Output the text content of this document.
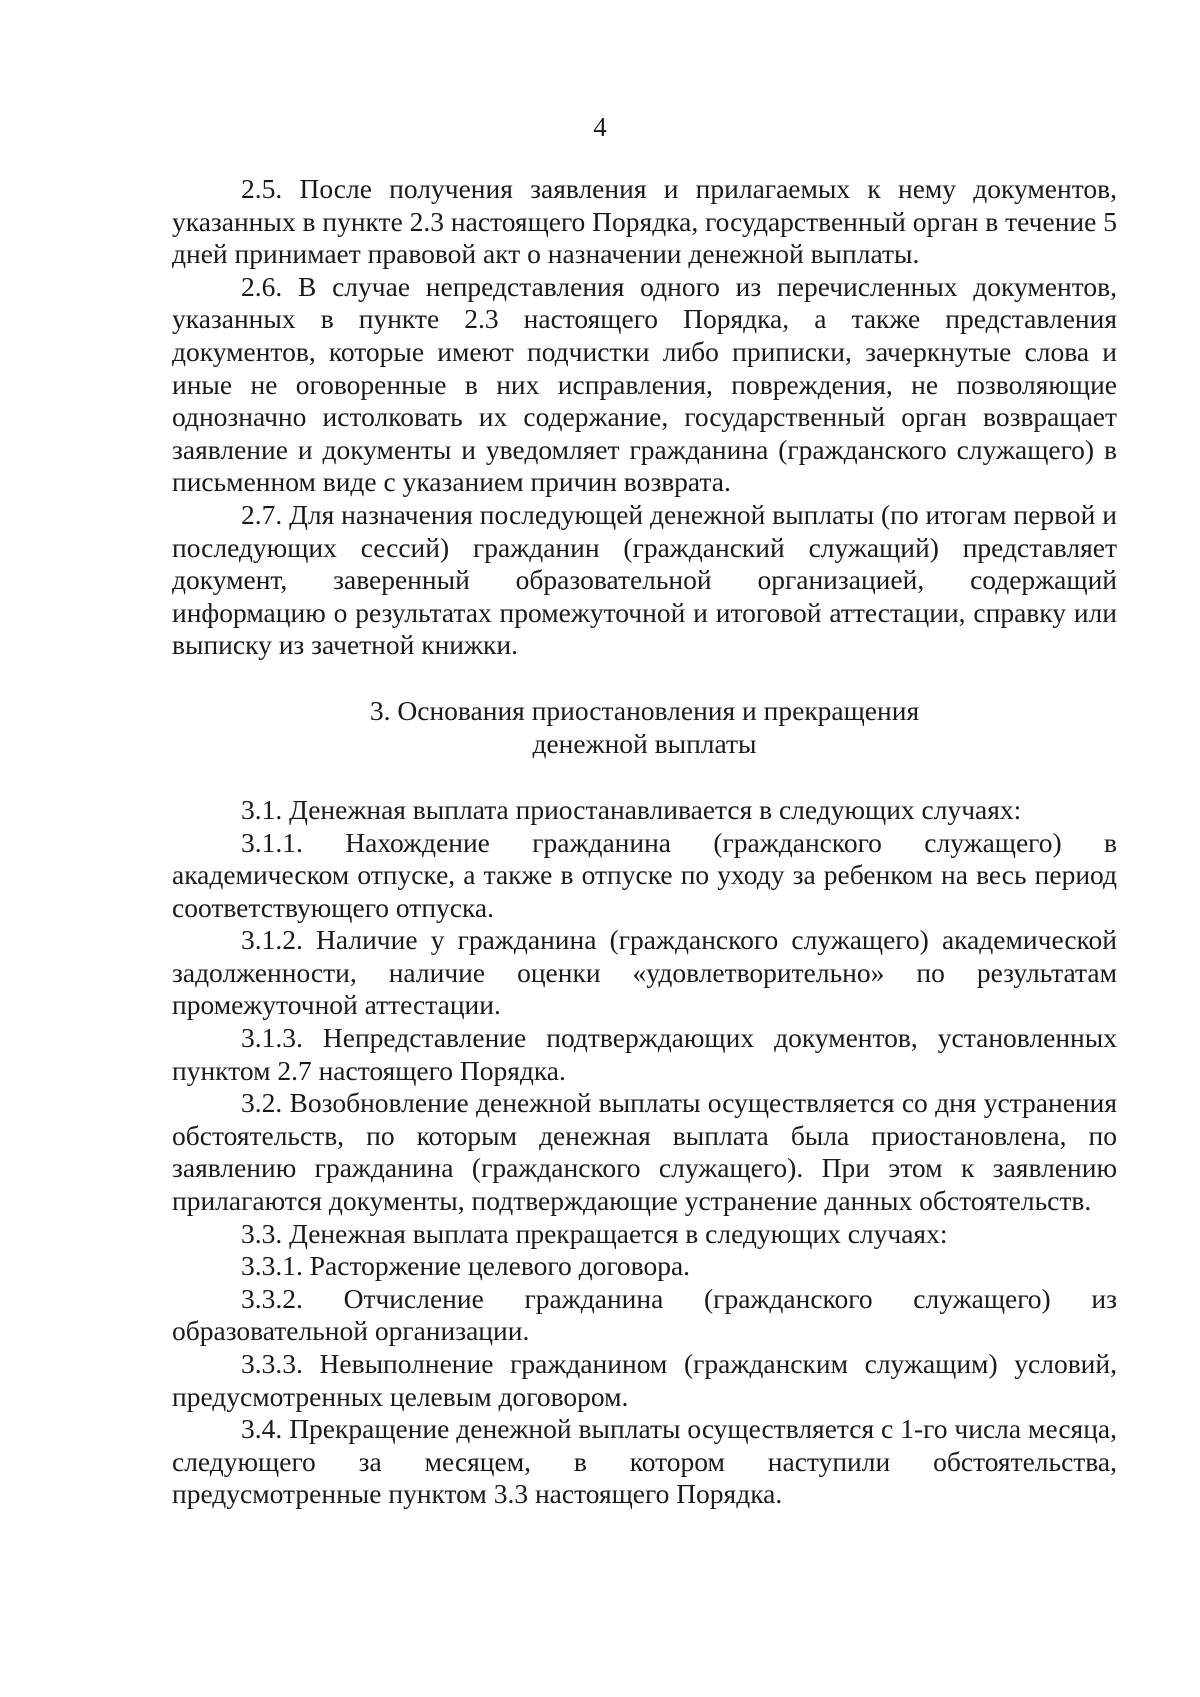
4

2.5. После получения заявления и прилагаемых к нему документов, указанных в пункте 2.3 настоящего Порядка, государственный орган в течение 5 дней принимает правовой акт о назначении денежной выплаты.

2.6. В случае непредставления одного из перечисленных документов, указанных в пункте 2.3 настоящего Порядка, а также представления документов, которые имеют подчистки либо приписки, зачеркнутые слова и иные не оговоренные в них исправления, повреждения, не позволяющие однозначно истолковать их содержание, государственный орган возвращает заявление и документы и уведомляет гражданина (гражданского служащего) в письменном виде с указанием причин возврата.

2.7. Для назначения последующей денежной выплаты (по итогам первой и последующих сессий) гражданин (гражданский служащий) представляет документ, заверенный образовательной организацией, содержащий информацию о результатах промежуточной и итоговой аттестации, справку или выписку из зачетной книжки.

3. Основания приостановления и прекращения
денежной выплаты

3.1. Денежная выплата приостанавливается в следующих случаях:

3.1.1. Нахождение гражданина (гражданского служащего) в академическом отпуске, а также в отпуске по уходу за ребенком на весь период соответствующего отпуска.

3.1.2. Наличие у гражданина (гражданского служащего) академической задолженности, наличие оценки «удовлетворительно» по результатам промежуточной аттестации.

3.1.3. Непредставление подтверждающих документов, установленных пунктом 2.7 настоящего Порядка.

3.2. Возобновление денежной выплаты осуществляется со дня устранения обстоятельств, по которым денежная выплата была приостановлена, по заявлению гражданина (гражданского служащего). При этом к заявлению прилагаются документы, подтверждающие устранение данных обстоятельств.

3.3. Денежная выплата прекращается в следующих случаях:

3.3.1. Расторжение целевого договора.

3.3.2. Отчисление гражданина (гражданского служащего) из образовательной организации.

3.3.3. Невыполнение гражданином (гражданским служащим) условий, предусмотренных целевым договором.

3.4. Прекращение денежной выплаты осуществляется с 1-го числа месяца, следующего за месяцем, в котором наступили обстоятельства, предусмотренные пунктом 3.3 настоящего Порядка.
